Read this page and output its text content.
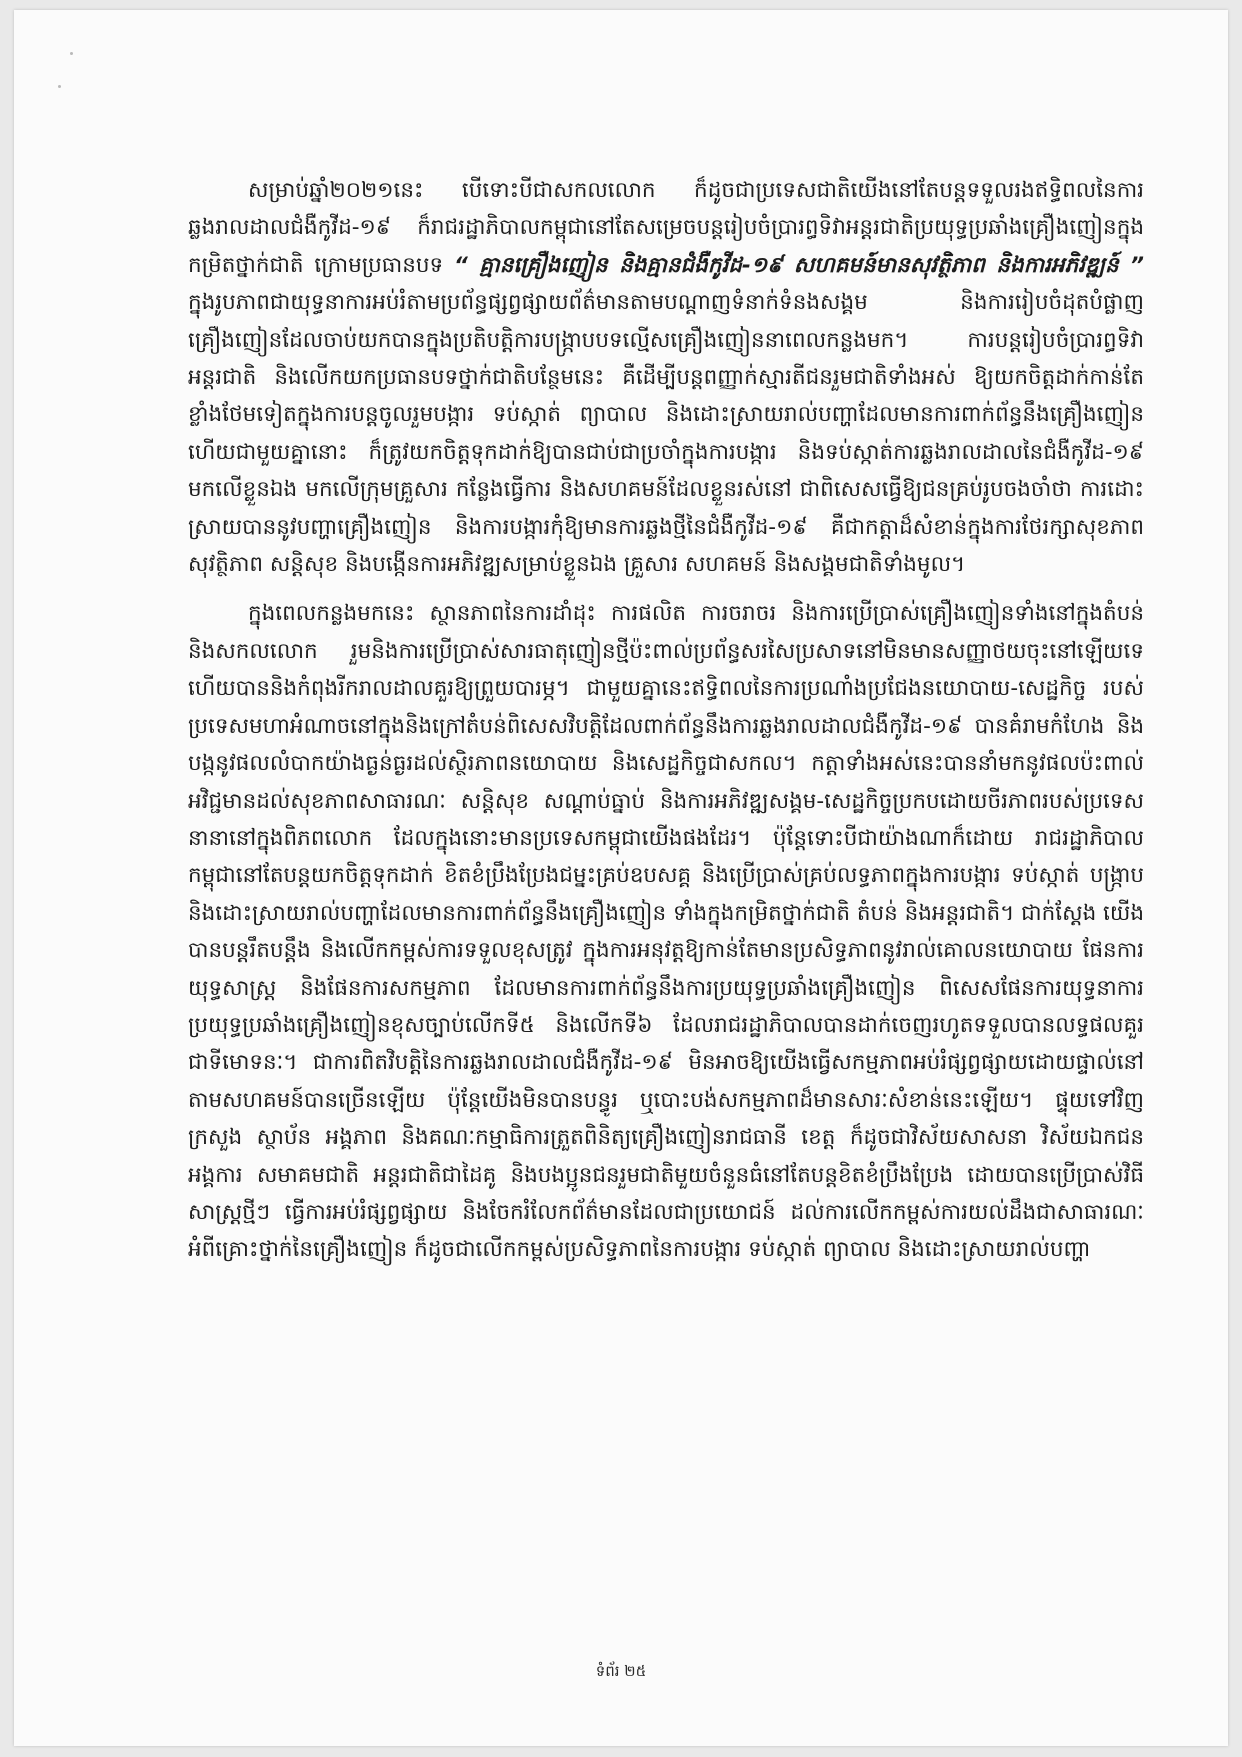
សម្រាប់ឆ្នាំ២០២១នេះ បើទោះបីជាសកលលោក ក៏ដូចជាប្រទេសជាតិយើងនៅតែបន្តទទួលរងឥទ្ធិពលនៃការឆ្លងរាលដាលជំងឺកូវីដ-១៩ ក៏រាជរដ្ឋាភិបាលកម្ពុជានៅតែសម្រេចបន្តរៀបចំប្រារព្ធទិវាអន្តរជាតិប្រយុទ្ធប្រឆាំងគ្រឿងញៀនក្នុងកម្រិតថ្នាក់ជាតិ ក្រោមប្រធានបទ “ គ្មានគ្រឿងញៀន និងគ្មានជំងឺកូវីដ-១៩ សហគមន៍មានសុវត្ថិភាព និងការអភិវឌ្ឍន៍ ” ក្នុងរូបភាពជាយុទ្ធនាការអប់រំតាមប្រព័ន្ធផ្សព្វផ្សាយព័ត៌មានតាមបណ្តាញទំនាក់ទំនងសង្គម និងការរៀបចំដុតបំផ្លាញគ្រឿងញៀនដែលចាប់យកបានក្នុងប្រតិបត្តិការបង្ក្រាបបទល្មើសគ្រឿងញៀននាពេលកន្លងមក។ ការបន្តរៀបចំប្រារព្ធទិវាអន្តរជាតិ និងលើកយកប្រធានបទថ្នាក់ជាតិបន្ថែមនេះ គឺដើម្បីបន្តពញ្ញាក់ស្មារតីជនរួមជាតិទាំងអស់ ឱ្យយកចិត្តដាក់កាន់តែខ្លាំងថែមទៀតក្នុងការបន្តចូលរួមបង្ការ ទប់ស្កាត់ ព្យាបាល និងដោះស្រាយរាល់បញ្ហាដែលមានការពាក់ព័ន្ធនឹងគ្រឿងញៀន ហើយជាមួយគ្នានោះ ក៏ត្រូវយកចិត្តទុកដាក់ឱ្យបានជាប់ជាប្រចាំក្នុងការបង្ការ និងទប់ស្កាត់ការឆ្លងរាលដាលនៃជំងឺកូវីដ-១៩ មកលើខ្លួនឯង មកលើក្រុមគ្រួសារ កន្លែងធ្វើការ និងសហគមន៍ដែលខ្លួនរស់នៅ ជាពិសេសធ្វើឱ្យជនគ្រប់រូបចងចាំថា ការដោះស្រាយបាននូវបញ្ហាគ្រឿងញៀន និងការបង្ការកុំឱ្យមានការឆ្លងថ្មីនៃជំងឺកូវីដ-១៩ គឺជាកត្តាដ៏សំខាន់ក្នុងការថែរក្សាសុខភាព សុវត្ថិភាព សន្តិសុខ និងបង្កើនការអភិវឌ្ឍសម្រាប់ខ្លួនឯង គ្រួសារ សហគមន៍ និងសង្គមជាតិទាំងមូល។

ក្នុងពេលកន្លងមកនេះ ស្ថានភាពនៃការដាំដុះ ការផលិត ការចរាចរ និងការប្រើប្រាស់គ្រឿងញៀនទាំងនៅក្នុងតំបន់ និងសកលលោក រួមនិងការប្រើប្រាស់សារធាតុញៀនថ្មីប៉ះពាល់ប្រព័ន្ធសរសៃប្រសាទនៅមិនមានសញ្ញាថយចុះនៅឡើយទេ ហើយបាននិងកំពុងរីករាលដាលគួរឱ្យព្រួយបារម្ភ។ ជាមួយគ្នានេះឥទ្ធិពលនៃការប្រណាំងប្រជែងនយោបាយ-សេដ្ឋកិច្ច របស់ប្រទេសមហាអំណាចនៅក្នុងនិងក្រៅតំបន់ពិសេសវិបត្តិដែលពាក់ព័ន្ធនឹងការឆ្លងរាលដាលជំងឺកូវីដ-១៩ បានគំរាមកំហែង និងបង្កនូវផលលំបាកយ៉ាងធ្ងន់ធ្ងរដល់ស្ថិរភាពនយោបាយ និងសេដ្ឋកិច្ចជាសកល។ កត្តាទាំងអស់នេះបាននាំមកនូវផលប៉ះពាល់អវិជ្ជមានដល់សុខភាពសាធារណៈ សន្តិសុខ សណ្តាប់ធ្នាប់ និងការអភិវឌ្ឍសង្គម-សេដ្ឋកិច្ចប្រកបដោយចីរភាពរបស់ប្រទេសនានានៅក្នុងពិភពលោក ដែលក្នុងនោះមានប្រទេសកម្ពុជាយើងផងដែរ។ ប៉ុន្តែទោះបីជាយ៉ាងណាក៏ដោយ រាជរដ្ឋាភិបាលកម្ពុជានៅតែបន្តយកចិត្តទុកដាក់ ខិតខំប្រឹងប្រែងជម្នះគ្រប់ឧបសគ្គ និងប្រើប្រាស់គ្រប់លទ្ធភាពក្នុងការបង្ការ ទប់ស្កាត់ បង្ក្រាប និងដោះស្រាយរាល់បញ្ហាដែលមានការពាក់ព័ន្ធនឹងគ្រឿងញៀន ទាំងក្នុងកម្រិតថ្នាក់ជាតិ តំបន់ និងអន្តរជាតិ។ ជាក់ស្តែង យើងបានបន្តរឹតបន្តឹង និងលើកកម្ពស់ការទទួលខុសត្រូវ ក្នុងការអនុវត្តឱ្យកាន់តែមានប្រសិទ្ធភាពនូវរាល់គោលនយោបាយ ផែនការយុទ្ធសាស្ត្រ និងផែនការសកម្មភាព ដែលមានការពាក់ព័ន្ធនឹងការប្រយុទ្ធប្រឆាំងគ្រឿងញៀន ពិសេសផែនការយុទ្ធនាការប្រយុទ្ធប្រឆាំងគ្រឿងញៀនខុសច្បាប់លើកទី៥ និងលើកទី៦ ដែលរាជរដ្ឋាភិបាលបានដាក់ចេញរហូតទទួលបានលទ្ធផលគួរជាទីមោទនៈ។ ជាការពិតវិបត្តិនៃការឆ្លងរាលដាលជំងឺកូវីដ-១៩ មិនអាចឱ្យយើងធ្វើសកម្មភាពអប់រំផ្សព្វផ្សាយដោយផ្ទាល់នៅតាមសហគមន៍បានច្រើនឡើយ ប៉ុន្តែយើងមិនបានបន្ធូរ ឬបោះបង់សកម្មភាពដ៏មានសារៈសំខាន់នេះឡើយ។ ផ្ទុយទៅវិញ ក្រសួង ស្ថាប័ន អង្គភាព និងគណៈកម្មាធិការត្រួតពិនិត្យគ្រឿងញៀនរាជធានី ខេត្ត ក៏ដូចជាវិស័យសាសនា វិស័យឯកជន អង្គការ សមាគមជាតិ អន្តរជាតិជាដៃគូ និងបងប្អូនជនរួមជាតិមួយចំនួនធំនៅតែបន្តខិតខំប្រឹងប្រែង ដោយបានប្រើប្រាស់វិធីសាស្ត្រថ្មីៗ ធ្វើការអប់រំផ្សព្វផ្សាយ និងចែករំលែកព័ត៌មានដែលជាប្រយោជន៍ ដល់ការលើកកម្ពស់ការយល់ដឹងជាសាធារណៈអំពីគ្រោះថ្នាក់នៃគ្រឿងញៀន ក៏ដូចជាលើកកម្ពស់ប្រសិទ្ធភាពនៃការបង្ការ ទប់ស្កាត់ ព្យាបាល និងដោះស្រាយរាល់បញ្ហា

ទំព័រ ២៥
